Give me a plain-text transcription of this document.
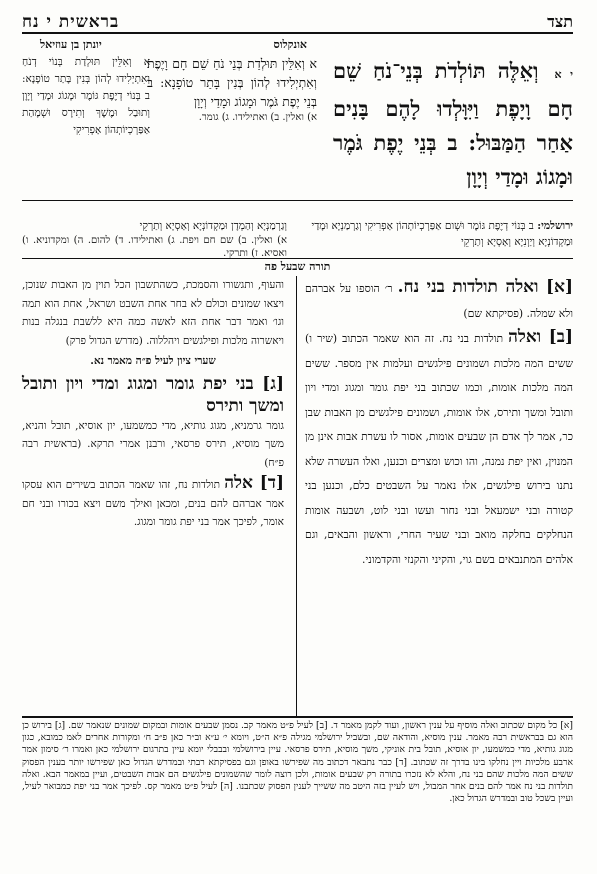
תצד
בראשית י נח
אונקלוס
יונתן בן עוזיאל
י א וְאֵלֶּה תּוֹלְדֹת בְּנֵי־נֹחַ שֵׁם חָם וָיָפֶת וַיִּוָּלְדוּ לָהֶם בָּנִים אַחַר הַמַּבּוּל: ב בְּנֵי יֶפֶת גֹּמֶר וּמָגוֹג וּמָדַי וְיָוָן
א וְאִלֵּין תּוּלְדַת בְּנֵי נֹחַ שֵׁם חָם וָיֶפֶת וְאִתְיְלִידוּ לְהוֹן בְּנִין בָּתַר טוֹפָנָא: ב בְּנֵי יֶפֶת גֹּמֶר וּמָגוֹג וּמָדַי וְיָוָן
א) ואלין. ב) ואתילידו. ג) גומר.
א וְאִלֵּין תּוּלְדַת בְּנוֹי דְנֹחַ וְאִתְיְלִידוּ לְהוֹן בְּנִין בָּתַר טוֹפָנָא: ב בְּנוֹי דְיֶפֶת גּוֹמֶר וּמָגוֹג וּמָדַי וְיָוָן וְתוּבַל וּמֶשֶׁךְ וְתִירָס וּשְׁמָהַת אַפַּרְכְיוֹתְהוֹן אַפְרִיקִי
ירושלמי: ב בְּנוֹי דְיֶפֶת גּוֹמֶר וּשְׁום אַפַּרְכְיוֹתְהוֹן אַפְרִיקִי וְגַרְמַנְיָא וּמָדַי וּמַקְדוֹנְיָא וְיַוְנִיָא וְאַסְיָא וְתַרְקֵי
וְגַרְמַנְיָא וְהַמְדָן וּמַקְדוֹנְיָא וְאַסְיָא וְתַרְקֵי
א) ואלין. ב) שם חם ויפת. ג) ואתילידו. ד) להום. ה) ומקדוניא. ו) ואסיא. ז) ותרקי.
תורה שבעל פה
[א] ואלה תולדות בני נח. ר׳ הוספו על אברהם ולא שמלה. (פסיקתא שם)
[ב] ואלה תולדות בני נח. זה הוא שאמר הכתוב (שיר ו) ששים המה מלכות ושמונים פילגשים ועלמות אין מספר. ששים המה מלכות אומות, וכמו שכתוב בני יפת גומר ומגוג ומדי ויון ותובל ומשך ותירס, אלו אומות, ושמונים פילגשים מן האבות שבן כר, אמר לך אדם הן שבעים אומות, אסור לו עשרת אבות אינן מן המנוין, ואין יפת נמנה, והו וכוש ומצרים וכנען, ואלו העשרה שלא נתנו בירוש פילגשים, אלו נאמר על השבטים כלם, וכנען בני קטורה ובני ישמעאל ובני נחור ועשו ובני לוט, ושבעה אומות הנחלקים בחלקה מואב ובני שעיר החרי, וראשון והבאים, וגם אלהים המתנבאים בשם גוי, והקיני והקנזי והקדמוני.
והעוף, ותגשורו והסמכת, כשהתשבון הכל תוין מן האבות שנוכן, ויצאו שמונים וכולם לא בחר אחת השבט ושראל, אחת הוא תמה וגו׳ ואמר דבר אחת הזא לאשה כמה היא ללשבת בנגלה בנות ויאשרוה מלכות ופילגשים ויהללוה. (מדרש הגדול פרק)
שערי ציון לעיל פ״ה מאמר נא.
[ג] בני יפת גומר ומגוג ומדי ויון ותובל ומשך ותירס
גומר גרמניא, מגוג גותיא, מדי כמשמעו, יון אוסיא, תובל והניא, משך מוסיא, תירס פרסאי, ורבנן אמרי תרקא. (בראשית רבה פ״ח)
[ד] אלה תולדות נח, זהו שאמר הכתוב בשירים הוא עסקו אמר אברהם להם בנים, ומכאן ואילך משם ויצא בכורו ובני חם אומר, לפיכך אמר בני יפת גומר ומגוג.
[א] כל מקום שכתוב ואלה מוסיף על ענין ראשון, ועוד לקמן מאמר ד. [ב] לעיל פ״ט מאמר קב. נסמן שבעים אומות ובמקום שמונים שנאמר שם. [ג] בירוש כן הוא גם בבראשית רבה מאמר. ענין מוסיא, והודאה שם, ובשביל ירושלמי מגילה פ״א ה״ט, ויומא י׳ ע״א וב״ר כאן פ״ב ח׳ ומקורות אחרים לאמ כמובא, כגון מגוג גותיא, מדי כמשמעו, יון אוסיא, תובל בית אוניקי, משך מוסיא, תירס פרסאי. עיין בירושלמי ובבבלי יומא עיין בתרגום ירושלמי כאן ואמרו ר׳ סימון אמר ארבע מלכיות ויין נחלקו בינו בדרך זה שכתוב. [ד] כבר נתבאר דכתוב מה שפירשו באופן וגם בפסיקתא רבתי ובמדרש הגדול כאן שפירשו יותר בענין הפסוק ששים המה מלכות שהם בני נח, והלא לא נזכרו בתורה רק שבעים אומות, ולכן רוצה לומר שהשמונים פילגשים הם אבות השבטים, ועיין במאמר הבא. ואלה תולדות בני נח אמר להם בנים אחר המבול, ויש לעיין בזה היטב מה ששייך לענין הפסוק שכתבנו. [ה] לעיל פ״ט מאמר קס. לפיכך אמר בני יפת כמבואר לעיל, ועיין בשכל טוב ובמדרש הגדול כאן.
